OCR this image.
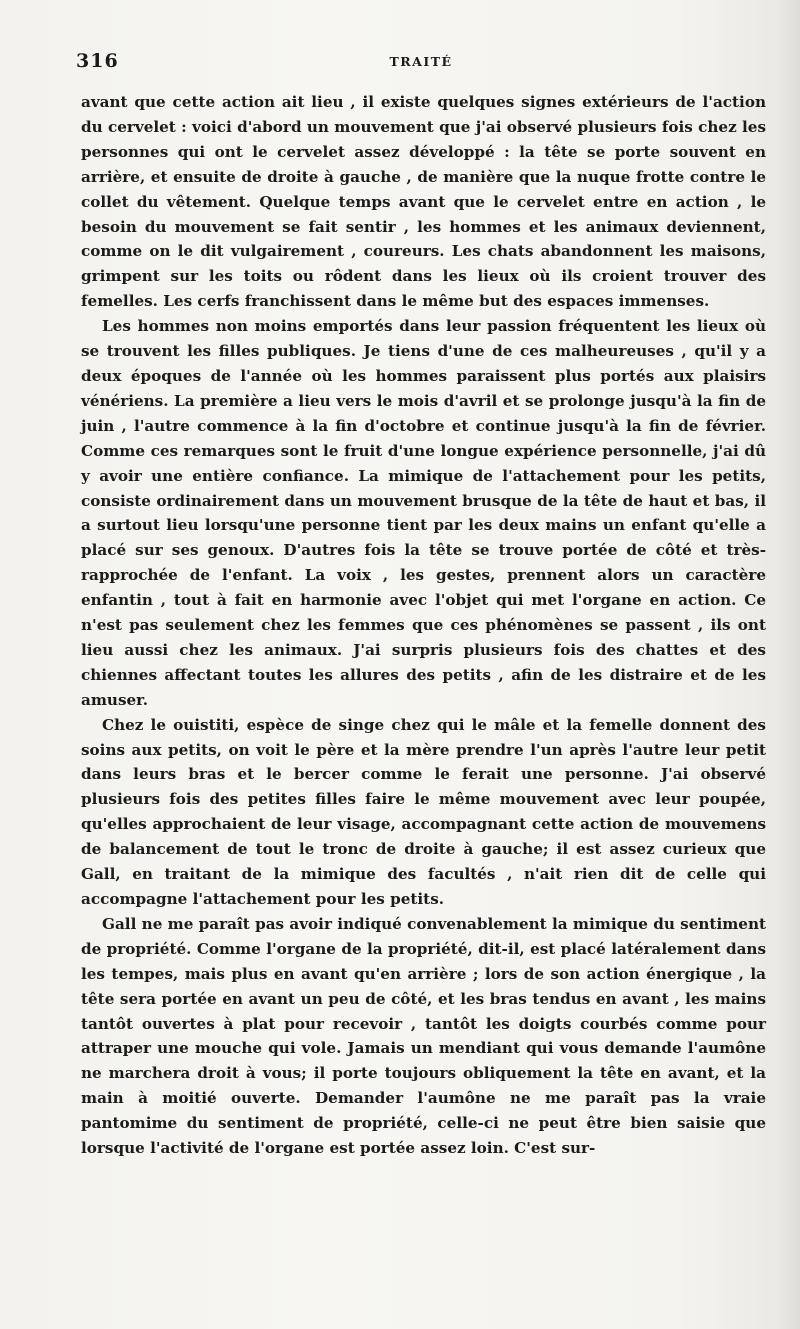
316	TRAITÉ

avant que cette action ait lieu , il existe quelques signes extérieurs de l'action du cervelet : voici d'abord un mouvement que j'ai observé plusieurs fois chez les personnes qui ont le cervelet assez développé : la tête se porte souvent en arrière, et ensuite de droite à gauche , de manière que la nuque frotte contre le collet du vêtement. Quelque temps avant que le cervelet entre en action , le besoin du mouvement se fait sentir , les hommes et les animaux deviennent, comme on le dit vulgairement , coureurs. Les chats abandonnent les maisons, grimpent sur les toits ou rôdent dans les lieux où ils croient trouver des femelles. Les cerfs franchissent dans le même but des espaces immenses.

Les hommes non moins emportés dans leur passion fréquentent les lieux où se trouvent les filles publiques. Je tiens d'une de ces malheureuses , qu'il y a deux époques de l'année où les hommes paraissent plus portés aux plaisirs vénériens. La première a lieu vers le mois d'avril et se prolonge jusqu'à la fin de juin , l'autre commence à la fin d'octobre et continue jusqu'à la fin de février. Comme ces remarques sont le fruit d'une longue expérience personnelle, j'ai dû y avoir une entière confiance. La mimique de l'attachement pour les petits, consiste ordinairement dans un mouvement brusque de la tête de haut et bas, il a surtout lieu lorsqu'une personne tient par les deux mains un enfant qu'elle a placé sur ses genoux. D'autres fois la tête se trouve portée de côté et très-rapprochée de l'enfant. La voix , les gestes, prennent alors un caractère enfantin , tout à fait en harmonie avec l'objet qui met l'organe en action. Ce n'est pas seulement chez les femmes que ces phénomènes se passent , ils ont lieu aussi chez les animaux. J'ai surpris plusieurs fois des chattes et des chiennes affectant toutes les allures des petits , afin de les distraire et de les amuser.

Chez le ouistiti, espèce de singe chez qui le mâle et la femelle donnent des soins aux petits, on voit le père et la mère prendre l'un après l'autre leur petit dans leurs bras et le bercer comme le ferait une personne. J'ai observé plusieurs fois des petites filles faire le même mouvement avec leur poupée, qu'elles approchaient de leur visage, accompagnant cette action de mouvemens de balancement de tout le tronc de droite à gauche; il est assez curieux que Gall, en traitant de la mimique des facultés , n'ait rien dit de celle qui accompagne l'attachement pour les petits.

Gall ne me paraît pas avoir indiqué convenablement la mimique du sentiment de propriété. Comme l'organe de la propriété, dit-il, est placé latéralement dans les tempes, mais plus en avant qu'en arrière ; lors de son action énergique , la tête sera portée en avant un peu de côté, et les bras tendus en avant , les mains tantôt ouvertes à plat pour recevoir , tantôt les doigts courbés comme pour attraper une mouche qui vole. Jamais un mendiant qui vous demande l'aumône ne marchera droit à vous; il porte toujours obliquement la tête en avant, et la main à moitié ouverte. Demander l'aumône ne me paraît pas la vraie pantomime du sentiment de propriété, celle-ci ne peut être bien saisie que lorsque l'activité de l'organe est portée assez loin. C'est sur-
